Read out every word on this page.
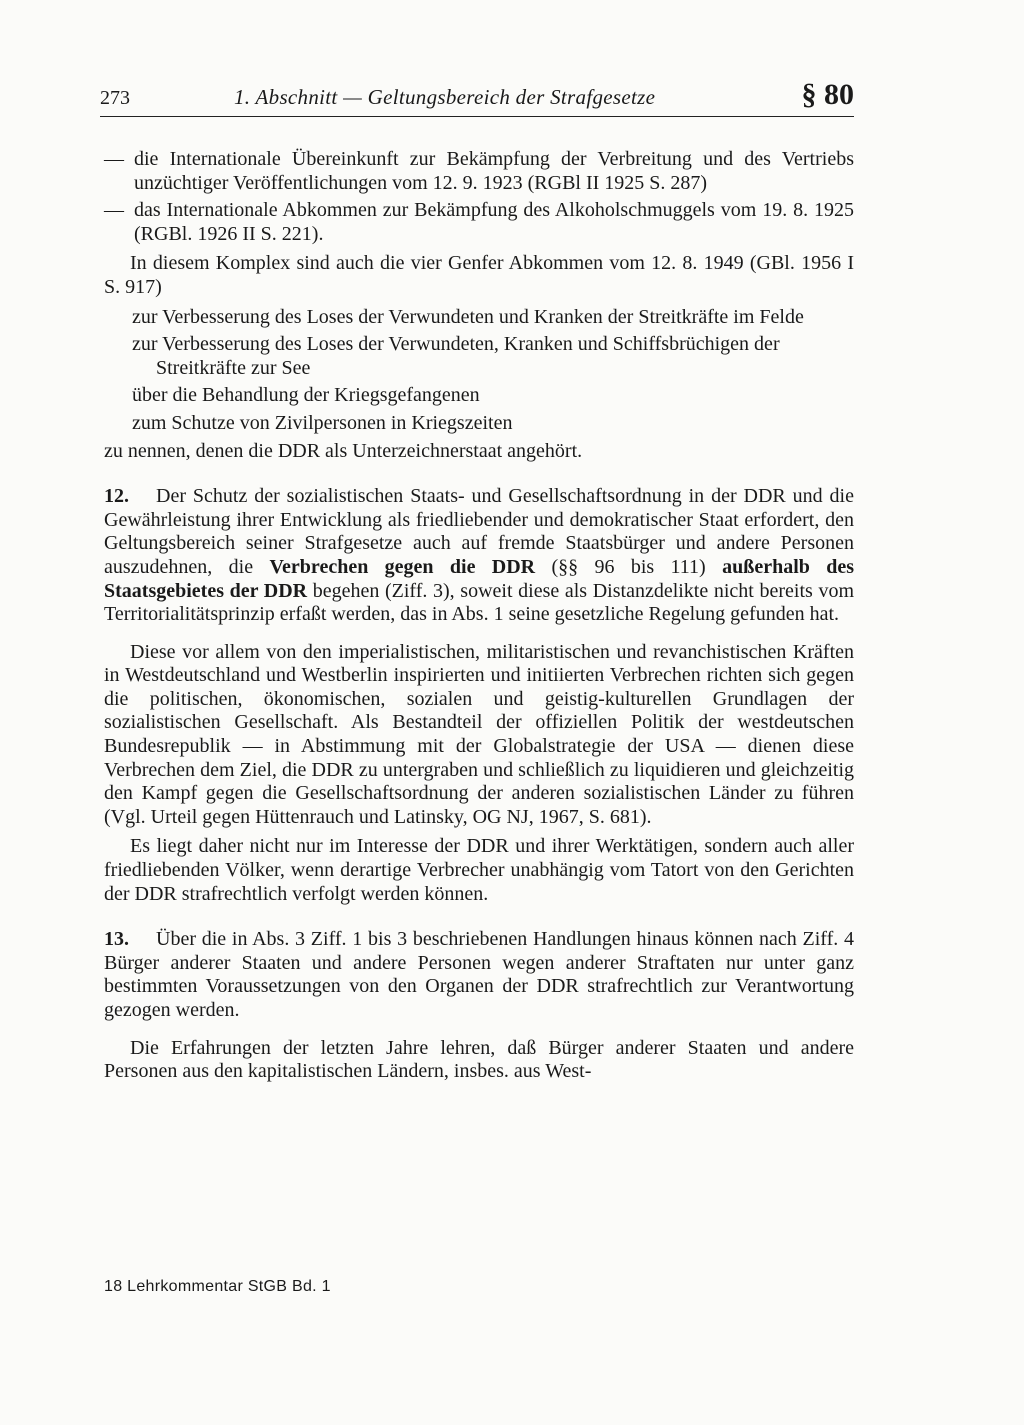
273	1. Abschnitt — Geltungsbereich der Strafgesetze	§ 80

— die Internationale Übereinkunft zur Bekämpfung der Verbreitung und des Vertriebs unzüchtiger Veröffentlichungen vom 12. 9. 1923 (RGBl II 1925 S. 287)

— das Internationale Abkommen zur Bekämpfung des Alkoholschmuggels vom 19. 8. 1925 (RGBl. 1926 II S. 221).

In diesem Komplex sind auch die vier Genfer Abkommen vom 12. 8. 1949 (GBl. 1956 I S. 917)

zur Verbesserung des Loses der Verwundeten und Kranken der Streitkräfte im Felde

zur Verbesserung des Loses der Verwundeten, Kranken und Schiffsbrüchigen der Streitkräfte zur See

über die Behandlung der Kriegsgefangenen

zum Schutze von Zivilpersonen in Kriegszeiten

zu nennen, denen die DDR als Unterzeichnerstaat angehört.

12. Der Schutz der sozialistischen Staats- und Gesellschaftsordnung in der DDR und die Gewährleistung ihrer Entwicklung als friedliebender und demokratischer Staat erfordert, den Geltungsbereich seiner Strafgesetze auch auf fremde Staatsbürger und andere Personen auszudehnen, die Verbrechen gegen die DDR (§§ 96 bis 111) außerhalb des Staatsgebietes der DDR begehen (Ziff. 3), soweit diese als Distanzdelikte nicht bereits vom Territorialitätsprinzip erfaßt werden, das in Abs. 1 seine gesetzliche Regelung gefunden hat.

Diese vor allem von den imperialistischen, militaristischen und revanchistischen Kräften in Westdeutschland und Westberlin inspirierten und initiierten Verbrechen richten sich gegen die politischen, ökonomischen, sozialen und geistig-kulturellen Grundlagen der sozialistischen Gesellschaft. Als Bestandteil der offiziellen Politik der westdeutschen Bundesrepublik — in Abstimmung mit der Globalstrategie der USA — dienen diese Verbrechen dem Ziel, die DDR zu untergraben und schließlich zu liquidieren und gleichzeitig den Kampf gegen die Gesellschaftsordnung der anderen sozialistischen Länder zu führen (Vgl. Urteil gegen Hüttenrauch und Latinsky, OG NJ, 1967, S. 681).

Es liegt daher nicht nur im Interesse der DDR und ihrer Werktätigen, sondern auch aller friedliebenden Völker, wenn derartige Verbrecher unabhängig vom Tatort von den Gerichten der DDR strafrechtlich verfolgt werden können.

13. Über die in Abs. 3 Ziff. 1 bis 3 beschriebenen Handlungen hinaus können nach Ziff. 4 Bürger anderer Staaten und andere Personen wegen anderer Straftaten nur unter ganz bestimmten Voraussetzungen von den Organen der DDR strafrechtlich zur Verantwortung gezogen werden.

Die Erfahrungen der letzten Jahre lehren, daß Bürger anderer Staaten und andere Personen aus den kapitalistischen Ländern, insbes. aus West-

18 Lehrkommentar StGB Bd. 1
